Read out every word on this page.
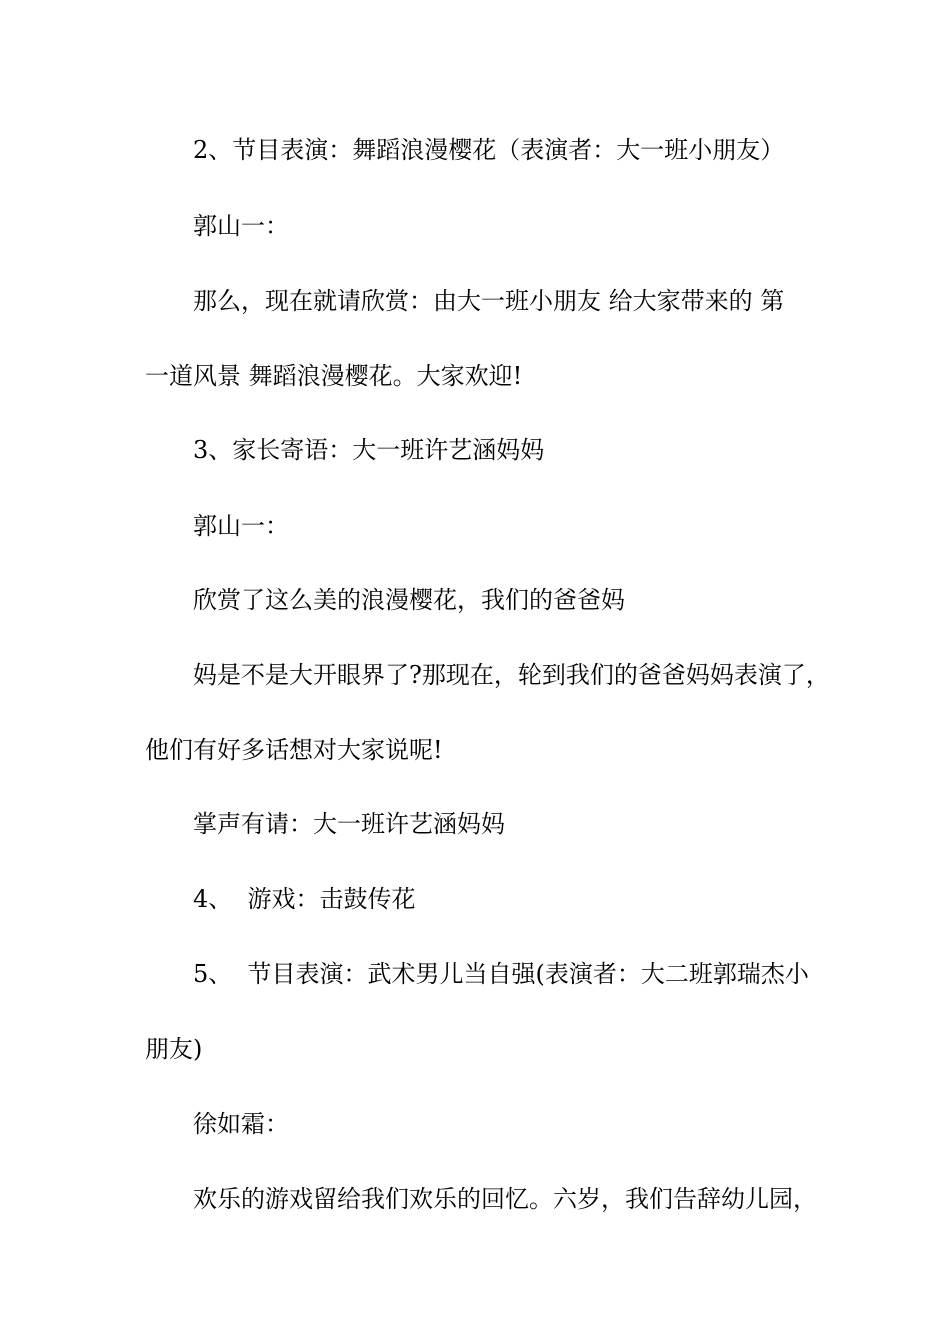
2、节目表演：舞蹈浪漫樱花（表演者：大一班小朋友）
郭山一：
那么，现在就请欣赏：由大一班小朋友 给大家带来的 第
一道风景 舞蹈浪漫樱花。大家欢迎!
3、家长寄语：大一班许艺涵妈妈
郭山一：
欣赏了这么美的浪漫樱花，我们的爸爸妈
妈是不是大开眼界了?那现在，轮到我们的爸爸妈妈表演了，
他们有好多话想对大家说呢!
掌声有请：大一班许艺涵妈妈
4、  游戏：击鼓传花
5、  节目表演：武术男儿当自强(表演者：大二班郭瑞杰小
朋友)
徐如霜：
欢乐的游戏留给我们欢乐的回忆。六岁，我们告辞幼儿园，
